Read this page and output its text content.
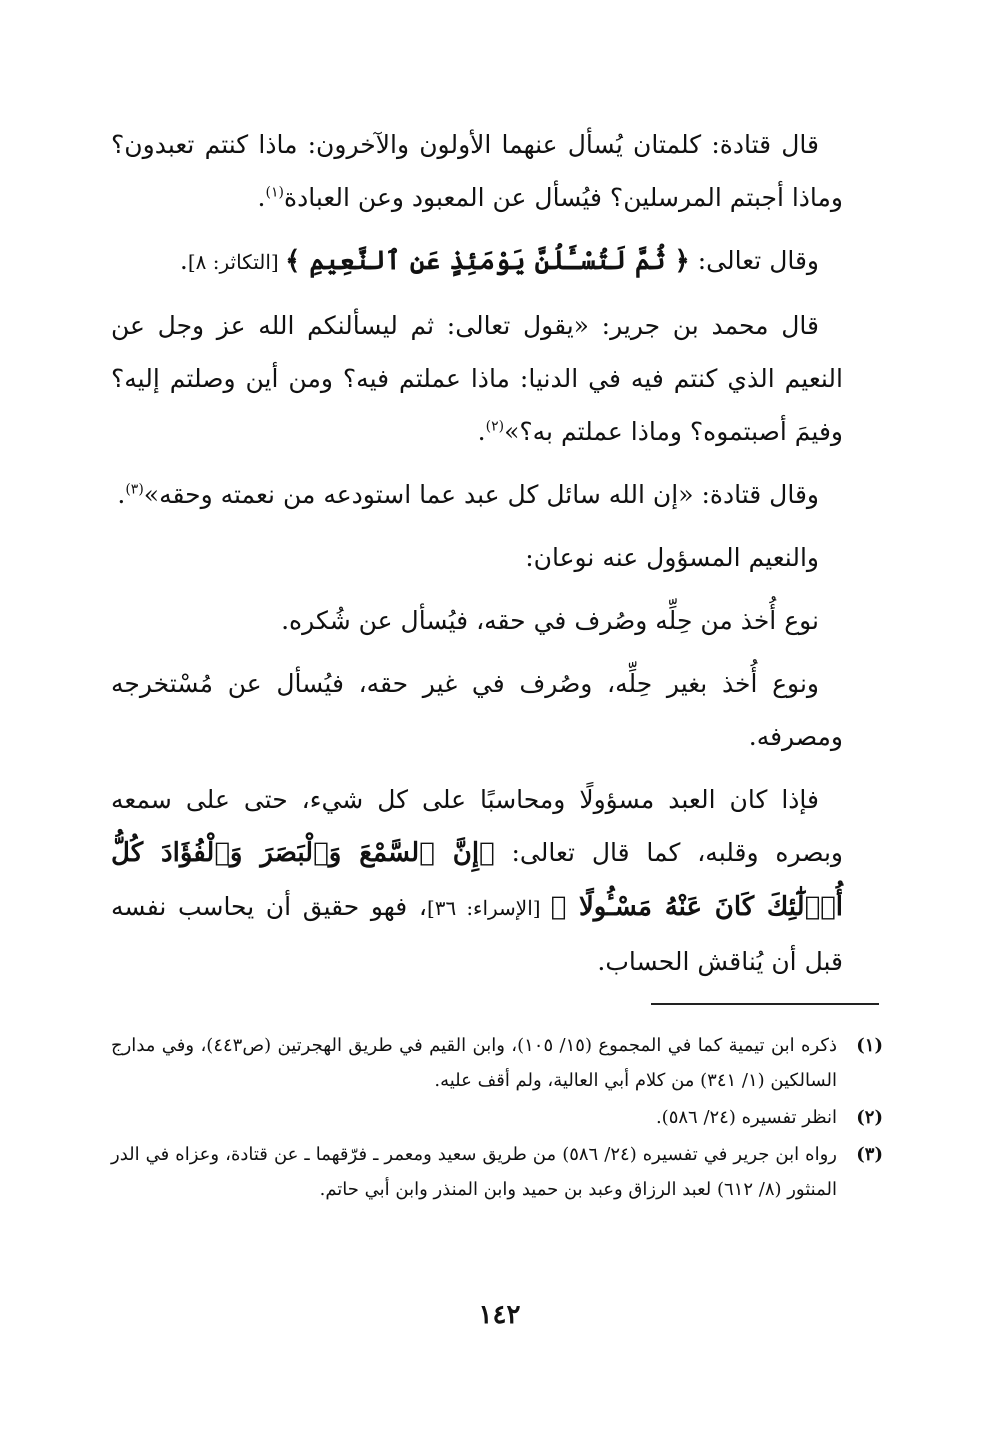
قال قتادة: كلمتان يُسأل عنهما الأولون والآخرون: ماذا كنتم تعبدون؟ وماذا أجبتم المرسلين؟ فيُسأل عن المعبود وعن العبادة$^{(١)}$.

وقال تعالى: ﴿ ثُمَّ لَتُسْـَٔلُنَّ يَوْمَئِذٍ عَنِ ٱلنَّعِيمِ ﴾ [التكاثر: ٨].

قال محمد بن جرير: «يقول تعالى: ثم ليسألنكم الله عز وجل عن النعيم الذي كنتم فيه في الدنيا: ماذا عملتم فيه؟ ومن أين وصلتم إليه؟ وفيمَ أصبتموه؟ وماذا عملتم به؟»$^{(٢)}$.

وقال قتادة: «إن الله سائل كل عبد عما استودعه من نعمته وحقه»$^{(٣)}$.

والنعيم المسؤول عنه نوعان:

نوع أُخذ من حِلِّه وصُرف في حقه، فيُسأل عن شُكره.

ونوع أُخذ بغير حِلِّه، وصُرف في غير حقه، فيُسأل عن مُسْتخرجه ومصرفه.

فإذا كان العبد مسؤولًا ومحاسبًا على كل شيء، حتى على سمعه وبصره وقلبه، كما قال تعالى: ﴿إِنَّ ٱلسَّمْعَ وَٱلْبَصَرَ وَٱلْفُؤَادَ كُلُّ أُو۟لَٰٓئِكَ كَانَ عَنْهُ مَسْـُٔولًا ﴾ [الإسراء: ٣٦]، فهو حقيق أن يحاسب نفسه قبل أن يُناقش الحساب.

(١)
ذكره ابن تيمية كما في المجموع (١٥/ ١٠٥)، وابن القيم في طريق الهجرتين (ص٤٤٣)، وفي مدارج السالكين (١/ ٣٤١) من كلام أبي العالية، ولم أقف عليه.
(٢)
انظر تفسيره (٢٤/ ٥٨٦).
(٣)
رواه ابن جرير في تفسيره (٢٤/ ٥٨٦) من طريق سعيد ومعمر ـ فرّقهما ـ عن قتادة، وعزاه في الدر المنثور (٨/ ٦١٢) لعبد الرزاق وعبد بن حميد وابن المنذر وابن أبي حاتم.
١٤٢
